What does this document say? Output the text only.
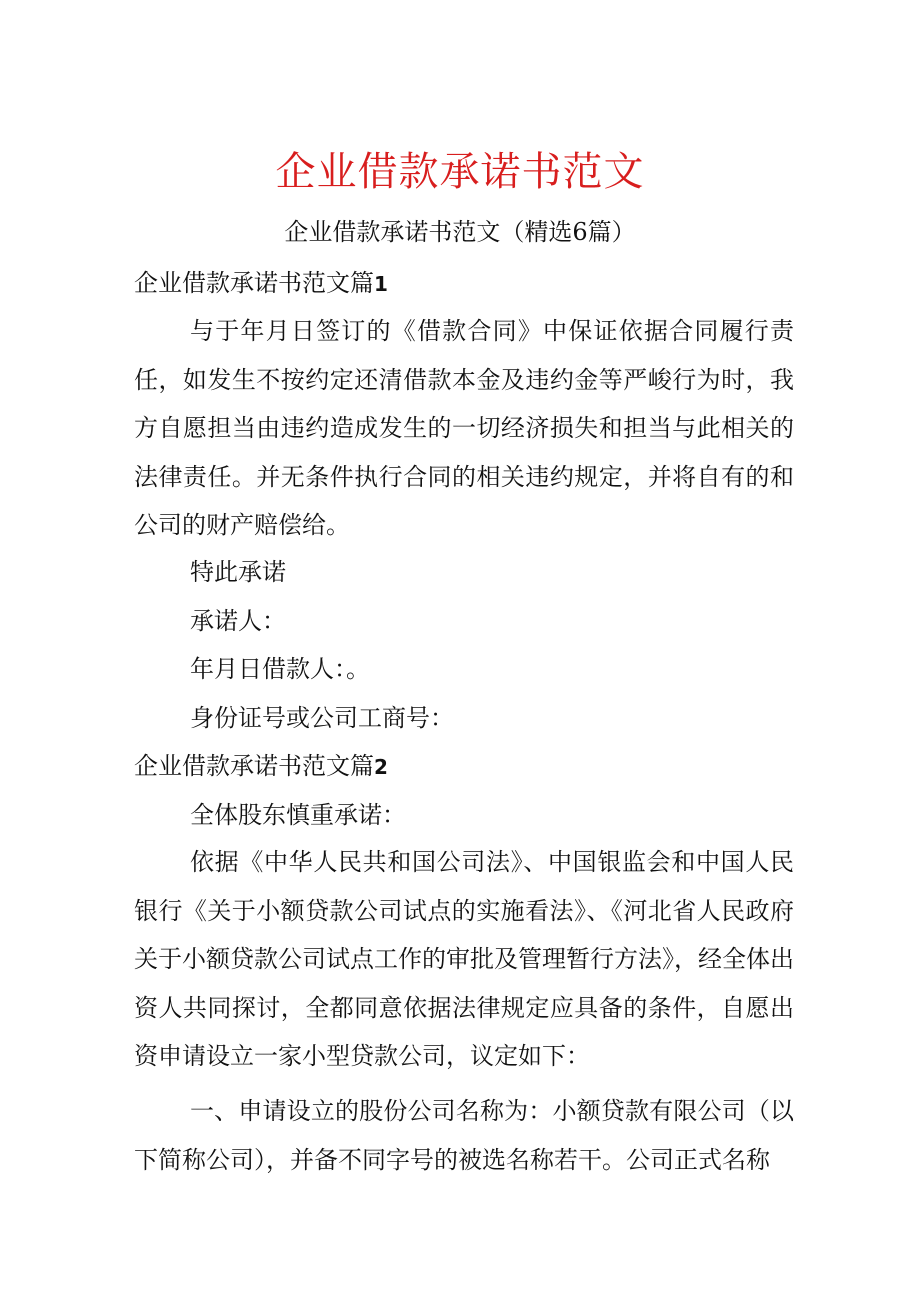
企业借款承诺书范文
企业借款承诺书范文（精选6篇）
企业借款承诺书范文篇1

与于年月日签订的《借款合同》中保证依据合同履行责任，如发生不按约定还清借款本金及违约金等严峻行为时，我方自愿担当由违约造成发生的一切经济损失和担当与此相关的法律责任。并无条件执行合同的相关违约规定，并将自有的和公司的财产赔偿给。

特此承诺
承诺人：
年月日借款人：。
身份证号或公司工商号：
企业借款承诺书范文篇2
全体股东慎重承诺：

依据《中华人民共和国公司法》、中国银监会和中国人民银行《关于小额贷款公司试点的实施看法》、《河北省人民政府关于小额贷款公司试点工作的审批及管理暂行方法》，经全体出资人共同探讨，全都同意依据法律规定应具备的条件，自愿出资申请设立一家小型贷款公司，议定如下：

一、申请设立的股份公司名称为：小额贷款有限公司（以下简称公司），并备不同字号的被选名称若干。公司正式名称
